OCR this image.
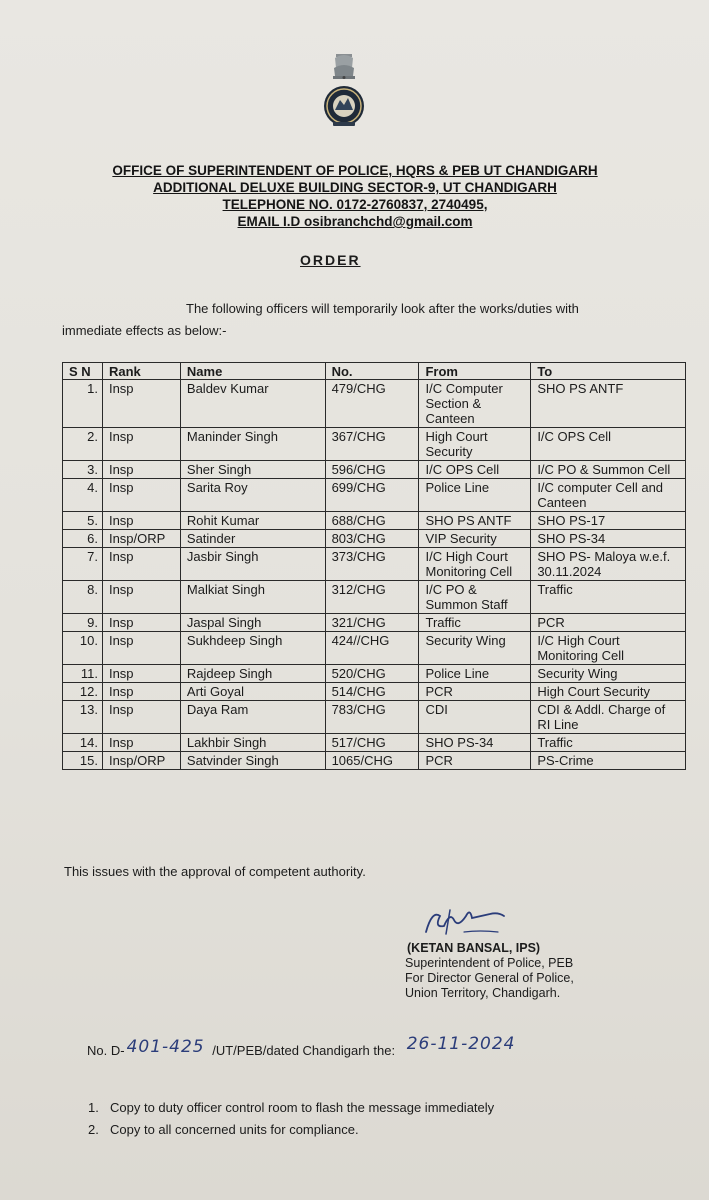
OFFICE OF SUPERINTENDENT OF POLICE, HQRS & PEB UT CHANDIGARH
ADDITIONAL DELUXE BUILDING SECTOR-9, UT CHANDIGARH
TELEPHONE NO. 0172-2760837, 2740495,
EMAIL I.D osibranchchd@gmail.com
ORDER
The following officers will temporarily look after the works/duties with
immediate effects as below:-
S N	Rank	Name	No.	From	To
1.	Insp	Baldev Kumar	479/CHG	I/C Computer Section & Canteen	SHO PS ANTF
2.	Insp	Maninder Singh	367/CHG	High Court Security	I/C OPS Cell
3.	Insp	Sher Singh	596/CHG	I/C OPS Cell	I/C PO & Summon Cell
4.	Insp	Sarita Roy	699/CHG	Police Line	I/C computer Cell and Canteen
5.	Insp	Rohit Kumar	688/CHG	SHO PS ANTF	SHO PS-17
6.	Insp/ORP	Satinder	803/CHG	VIP Security	SHO PS-34
7.	Insp	Jasbir Singh	373/CHG	I/C High Court Monitoring Cell	SHO PS- Maloya w.e.f. 30.11.2024
8.	Insp	Malkiat Singh	312/CHG	I/C PO & Summon Staff	Traffic
9.	Insp	Jaspal Singh	321/CHG	Traffic	PCR
10.	Insp	Sukhdeep Singh	424//CHG	Security Wing	I/C High Court Monitoring Cell
11.	Insp	Rajdeep Singh	520/CHG	Police Line	Security Wing
12.	Insp	Arti Goyal	514/CHG	PCR	High Court Security
13.	Insp	Daya Ram	783/CHG	CDI	CDI & Addl. Charge of RI Line
14.	Insp	Lakhbir Singh	517/CHG	SHO PS-34	Traffic
15.	Insp/ORP	Satvinder Singh	1065/CHG	PCR	PS-Crime
This issues with the approval of competent authority.
(KETAN BANSAL, IPS)
Superintendent of Police, PEB
For Director General of Police,
Union Territory, Chandigarh.
No. D- 401-425 /UT/PEB/dated Chandigarh the: 26-11-2024
1. Copy to duty officer control room to flash the message immediately
2. Copy to all concerned units for compliance.
